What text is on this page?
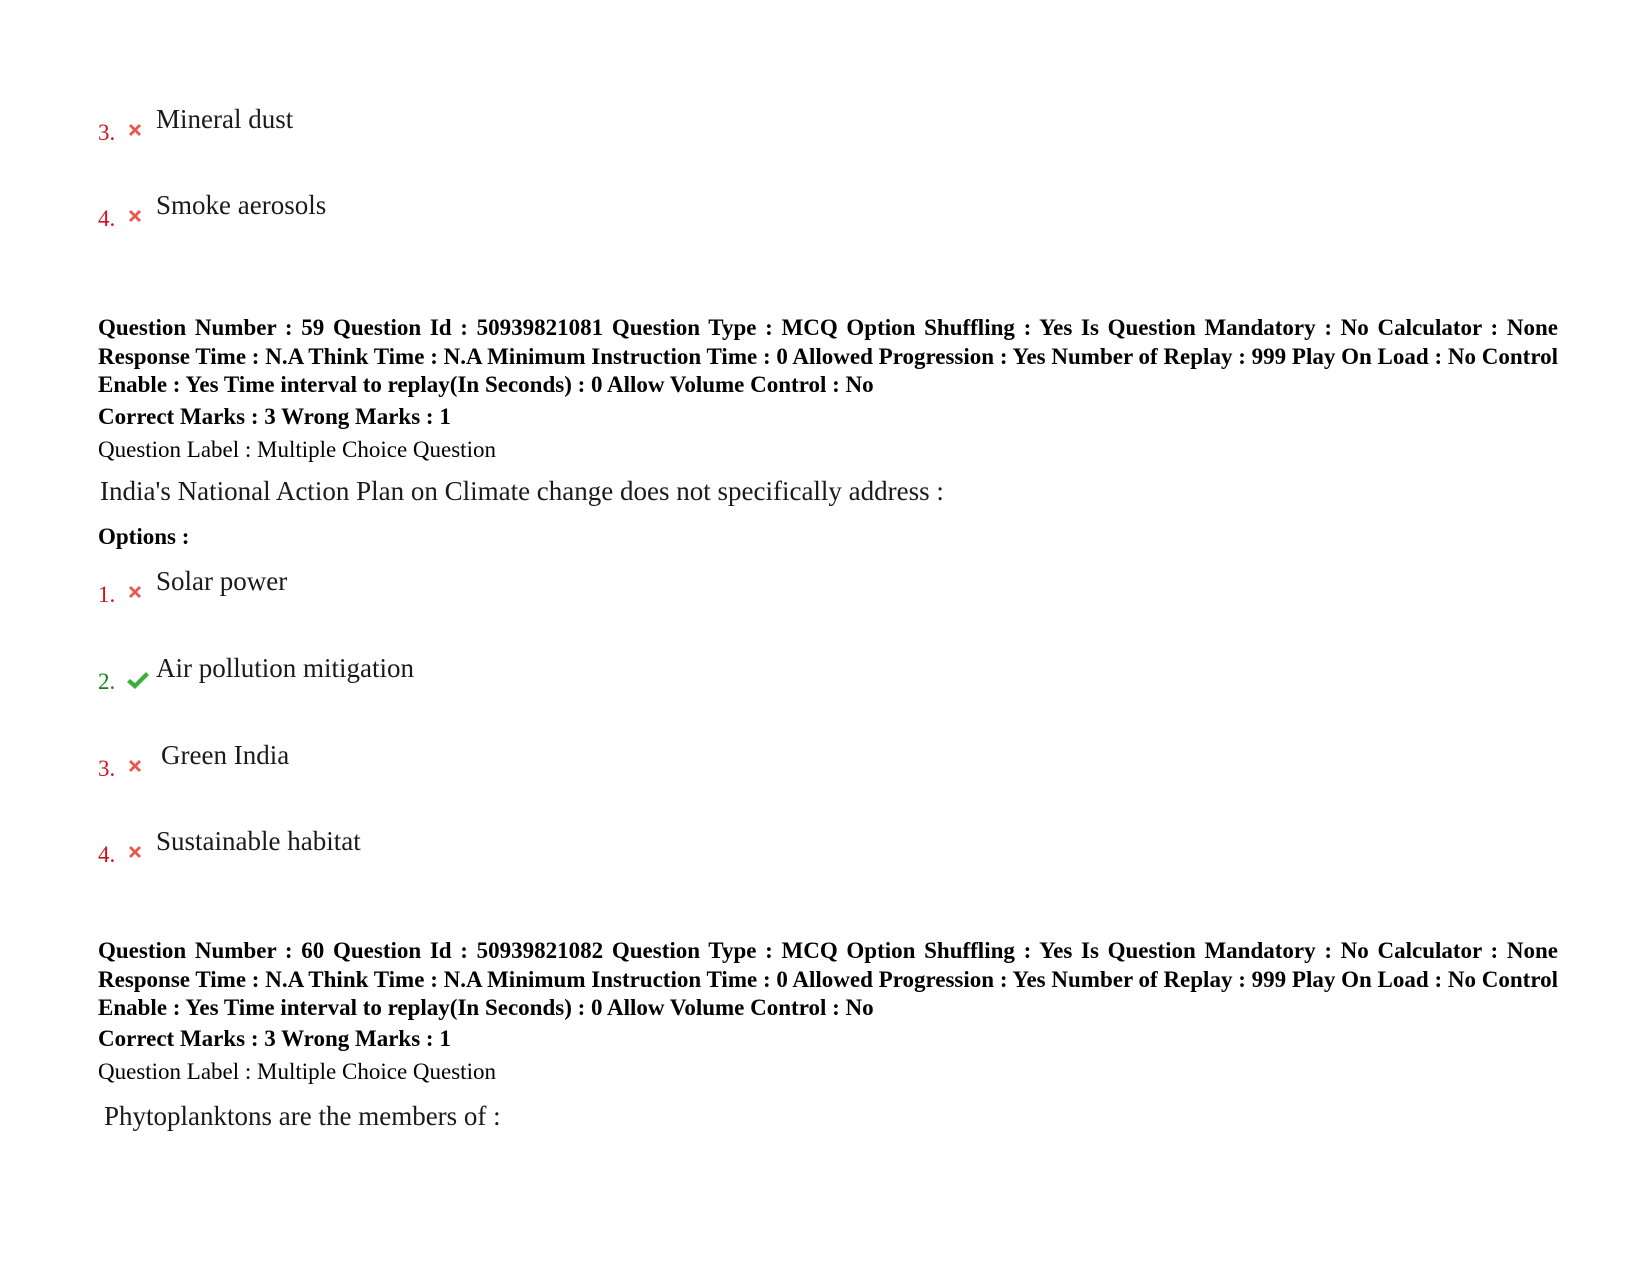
3. Mineral dust
4. Smoke aerosols
Question Number : 59 Question Id : 50939821081 Question Type : MCQ Option Shuffling : Yes Is Question Mandatory : No Calculator : None Response Time : N.A Think Time : N.A Minimum Instruction Time : 0 Allowed Progression : Yes Number of Replay : 999 Play On Load : No Control Enable : Yes Time interval to replay(In Seconds) : 0 Allow Volume Control : No
Correct Marks : 3 Wrong Marks : 1
Question Label : Multiple Choice Question
India's National Action Plan on Climate change does not specifically address :
Options :
1. Solar power
2. Air pollution mitigation
3. Green India
4. Sustainable habitat
Question Number : 60 Question Id : 50939821082 Question Type : MCQ Option Shuffling : Yes Is Question Mandatory : No Calculator : None Response Time : N.A Think Time : N.A Minimum Instruction Time : 0 Allowed Progression : Yes Number of Replay : 999 Play On Load : No Control Enable : Yes Time interval to replay(In Seconds) : 0 Allow Volume Control : No
Correct Marks : 3 Wrong Marks : 1
Question Label : Multiple Choice Question
Phytoplanktons are the members of :
